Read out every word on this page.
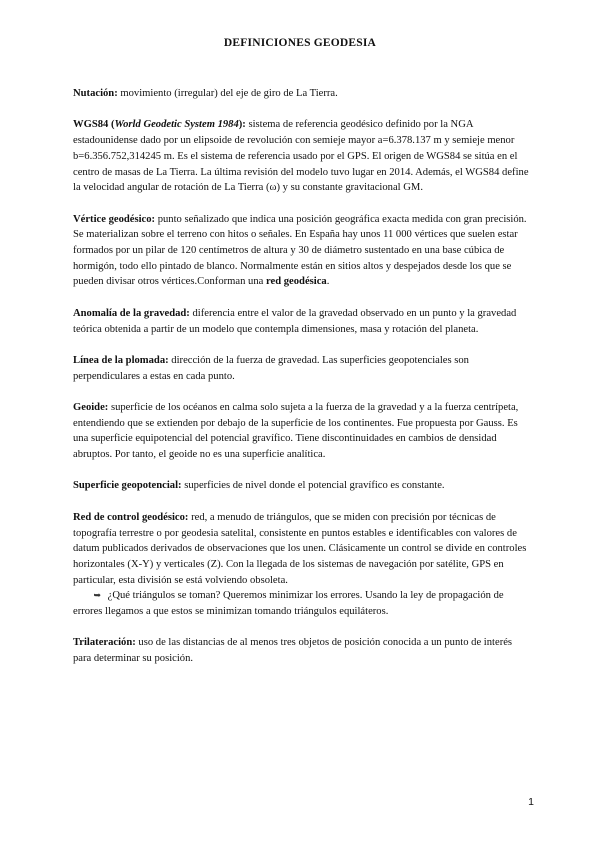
DEFINICIONES GEODESIA

Nutación: movimiento (irregular) del eje de giro de La Tierra.

WGS84 (World Geodetic System 1984): sistema de referencia geodésico definido por la NGA estadounidense dado por un elipsoide de revolución con semieje mayor a=6.378.137 m y semieje menor b=6.356.752,314245 m. Es el sistema de referencia usado por el GPS. El origen de WGS84 se sitúa en el centro de masas de La Tierra. La última revisión del modelo tuvo lugar en 2014. Además, el WGS84 define la velocidad angular de rotación de La Tierra (ω) y su constante gravitacional GM.

Vértice geodésico: punto señalizado que indica una posición geográfica exacta medida con gran precisión. Se materializan sobre el terreno con hitos o señales. En España hay unos 11 000 vértices que suelen estar formados por un pilar de 120 centímetros de altura y 30 de diámetro sustentado en una base cúbica de hormigón, todo ello pintado de blanco. Normalmente están en sitios altos y despejados desde los que se pueden divisar otros vértices.Conforman una red geodésica.

Anomalía de la gravedad: diferencia entre el valor de la gravedad observado en un punto y la gravedad teórica obtenida a partir de un modelo que contempla dimensiones, masa y rotación del planeta.

Línea de la plomada: dirección de la fuerza de gravedad. Las superficies geopotenciales son perpendiculares a estas en cada punto.

Geoide: superficie de los océanos en calma solo sujeta a la fuerza de la gravedad y a la fuerza centrípeta, entendiendo que se extienden por debajo de la superficie de los continentes. Fue propuesta por Gauss. Es una superficie equipotencial del potencial gravífico. Tiene discontinuidades en cambios de densidad abruptos. Por tanto, el geoide no es una superficie analítica.

Superficie geopotencial: superficies de nivel donde el potencial gravífico es constante.

Red de control geodésico: red, a menudo de triángulos, que se miden con precisión por técnicas de topografía terrestre o por geodesia satelital, consistente en puntos estables e identificables con valores de datum publicados derivados de observaciones que los unen. Clásicamente un control se divide en controles horizontales (X-Y) y verticales (Z). Con la llegada de los sistemas de navegación por satélite, GPS en particular, esta división se está volviendo obsoleta.

➥ ¿Qué triángulos se toman? Queremos minimizar los errores. Usando la ley de propagación de errores llegamos a que estos se minimizan tomando triángulos equiláteros.

Trilateración: uso de las distancias de al menos tres objetos de posición conocida a un punto de interés para determinar su posición.

1
